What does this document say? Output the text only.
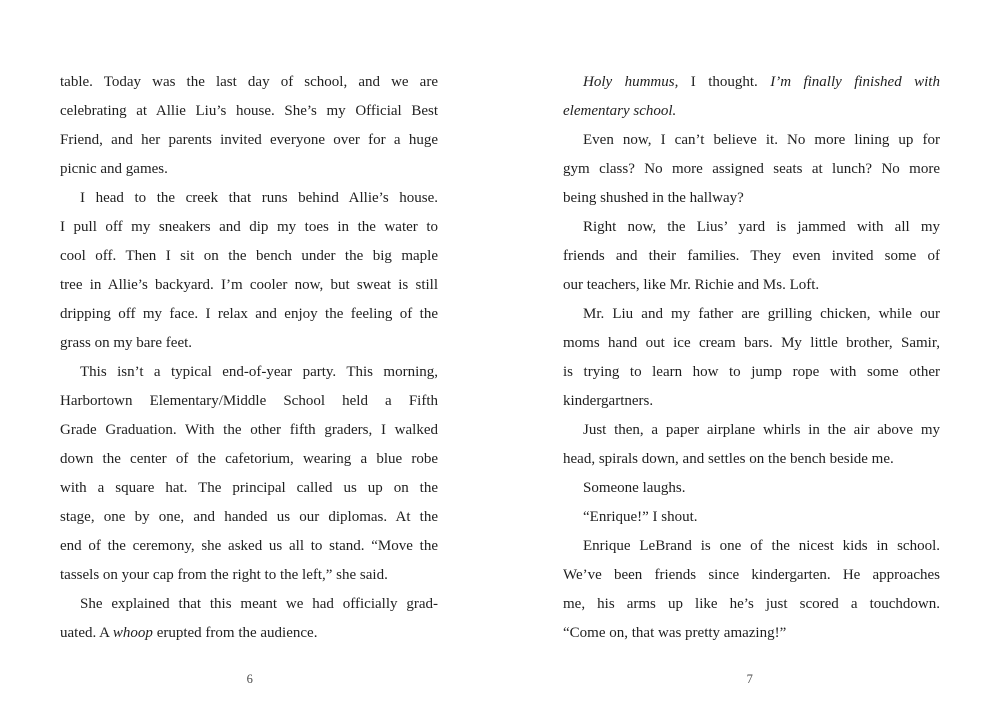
table. Today was the last day of school, and we are
celebrating at Allie Liu’s house. She’s my Official Best
Friend, and her parents invited everyone over for a huge
picnic and games.
I head to the creek that runs behind Allie’s house.
I pull off my sneakers and dip my toes in the water to
cool off. Then I sit on the bench under the big maple
tree in Allie’s backyard. I’m cooler now, but sweat is still
dripping off my face. I relax and enjoy the feeling of the
grass on my bare feet.
This isn’t a typical end-of-year party. This morning,
Harbortown Elementary/Middle School held a Fifth
Grade Graduation. With the other fifth graders, I walked
down the center of the cafetorium, wearing a blue robe
with a square hat. The principal called us up on the
stage, one by one, and handed us our diplomas. At the
end of the ceremony, she asked us all to stand. “Move the
tassels on your cap from the right to the left,” she said.
She explained that this meant we had officially grad-
uated. A whoop erupted from the audience.
6
Holy hummus, I thought. I’m finally finished with
elementary school.
Even now, I can’t believe it. No more lining up for
gym class? No more assigned seats at lunch? No more
being shushed in the hallway?
Right now, the Lius’ yard is jammed with all my
friends and their families. They even invited some of
our teachers, like Mr. Richie and Ms. Loft.
Mr. Liu and my father are grilling chicken, while our
moms hand out ice cream bars. My little brother, Samir,
is trying to learn how to jump rope with some other
kindergartners.
Just then, a paper airplane whirls in the air above my
head, spirals down, and settles on the bench beside me.
Someone laughs.
“Enrique!” I shout.
Enrique LeBrand is one of the nicest kids in school.
We’ve been friends since kindergarten. He approaches
me, his arms up like he’s just scored a touchdown.
“Come on, that was pretty amazing!”
7
